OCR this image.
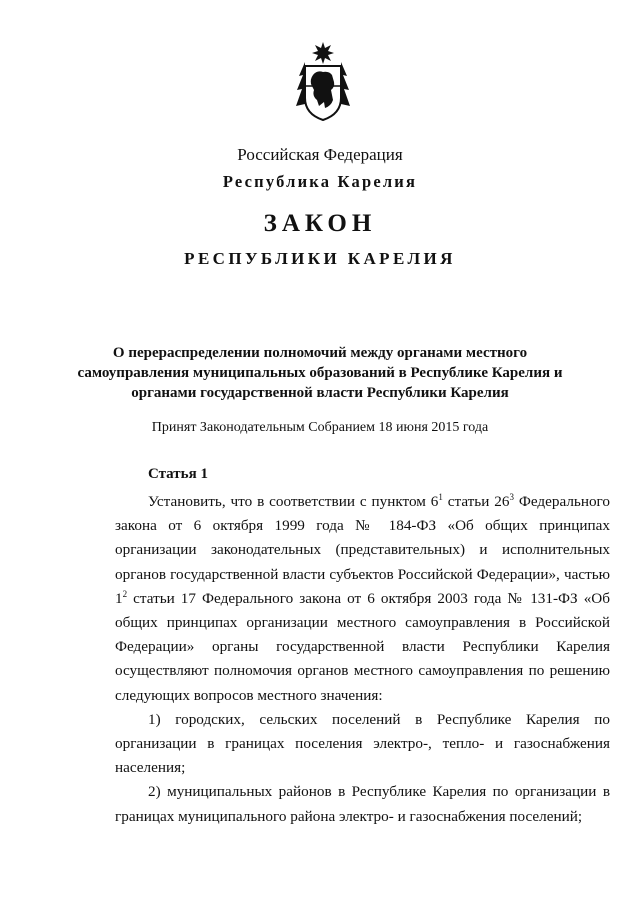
Российская Федерация
Республика Карелия
ЗАКОН
РЕСПУБЛИКИ КАРЕЛИЯ
О перераспределении полномочий между органами местного
самоуправления муниципальных образований в Республике Карелия и
органами государственной власти Республики Карелия
Принят Законодательным Собранием 18 июня 2015 года
Статья 1

Установить, что в соответствии с пунктом $6^1$ статьи $26^3$ Федерального закона от 6 октября 1999 года № 184-ФЗ «Об общих принципах организации законодательных (представительных) и исполнительных органов государственной власти субъектов Российской Федерации», частью $1^2$ статьи 17 Федерального закона от 6 октября 2003 года № 131-ФЗ «Об общих принципах организации местного самоуправления в Российской Федерации» органы государственной власти Республики Карелия осуществляют полномочия органов местного самоуправления по решению следующих вопросов местного значения:

1) городских, сельских поселений в Республике Карелия по организации в границах поселения электро-, тепло- и газоснабжения населения;

2) муниципальных районов в Республике Карелия по организации в границах муниципального района электро- и газоснабжения поселений;
